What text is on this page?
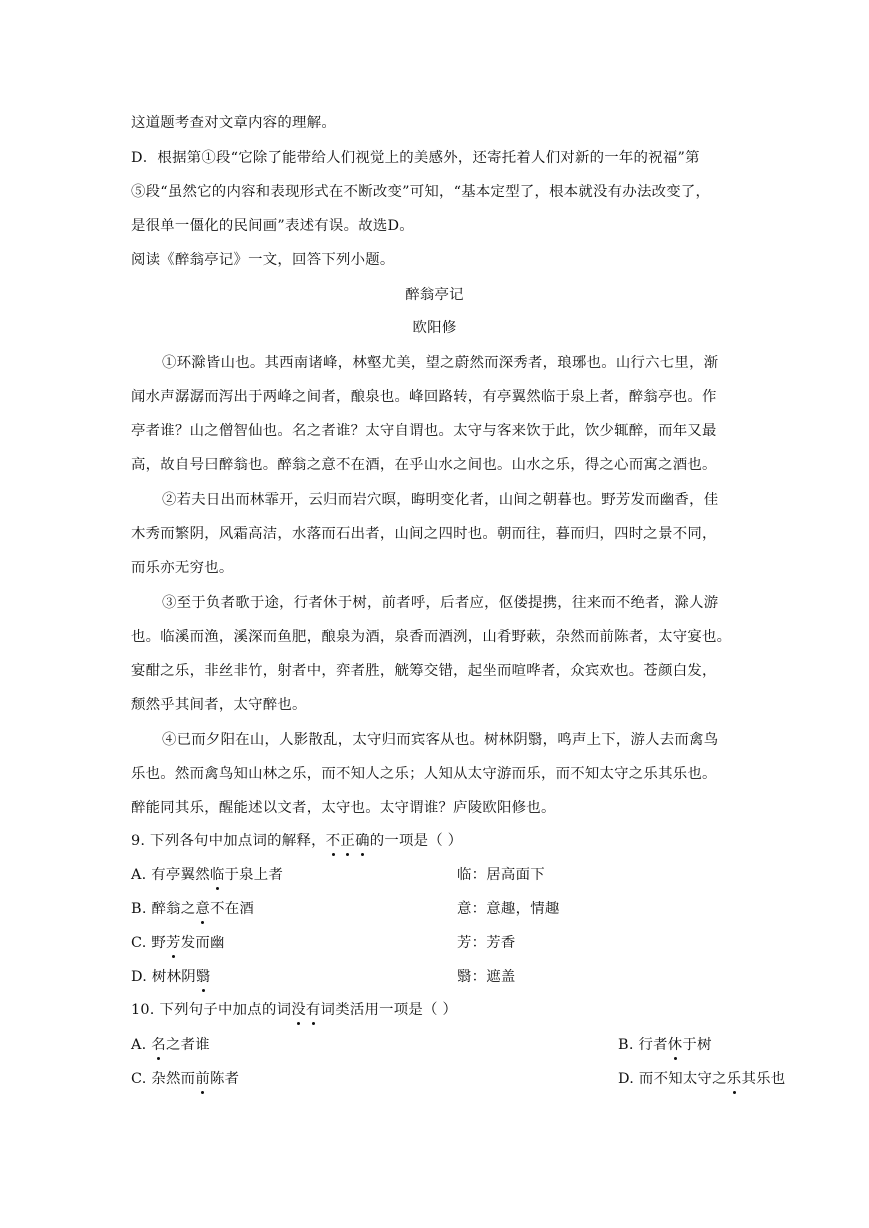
这道题考查对文章内容的理解。
D．根据第①段“它除了能带给人们视觉上的美感外，还寄托着人们对新的一年的祝福”第
⑤段“虽然它的内容和表现形式在不断改变”可知，“基本定型了，根本就没有办法改变了，
是很单一僵化的民间画”表述有误。故选D。
阅读《醉翁亭记》一文，回答下列小题。
醉翁亭记
欧阳修
①环滁皆山也。其西南诸峰，林壑尤美，望之蔚然而深秀者，琅琊也。山行六七里，渐
闻水声潺潺而泻出于两峰之间者，酿泉也。峰回路转，有亭翼然临于泉上者，醉翁亭也。作
亭者谁？山之僧智仙也。名之者谁？太守自谓也。太守与客来饮于此，饮少辄醉，而年又最
高，故自号曰醉翁也。醉翁之意不在酒，在乎山水之间也。山水之乐，得之心而寓之酒也。
②若夫日出而林霏开，云归而岩穴暝，晦明变化者，山间之朝暮也。野芳发而幽香，佳
木秀而繁阴，风霜高洁，水落而石出者，山间之四时也。朝而往，暮而归，四时之景不同，
而乐亦无穷也。
③至于负者歌于途，行者休于树，前者呼，后者应，伛偻提携，往来而不绝者，滁人游
也。临溪而渔，溪深而鱼肥，酿泉为酒，泉香而酒洌，山肴野蔌，杂然而前陈者，太守宴也。
宴酣之乐，非丝非竹，射者中，弈者胜，觥筹交错，起坐而喧哗者，众宾欢也。苍颜白发，
颓然乎其间者，太守醉也。
④已而夕阳在山，人影散乱，太守归而宾客从也。树林阴翳，鸣声上下，游人去而禽鸟
乐也。然而禽鸟知山林之乐，而不知人之乐；人知从太守游而乐，而不知太守之乐其乐也。
醉能同其乐，醒能述以文者，太守也。太守谓谁？庐陵欧阳修也。
9. 下列各句中加点词的解释，不正确的一项是（ ）
A. 有亭翼然临于泉上者	临：居高面下
B. 醉翁之意不在酒	意：意趣，情趣
C. 野芳发而幽	芳：芳香
D. 树林阴翳	翳：遮盖
10. 下列句子中加点的词没有词类活用一项是（ ）
A. 名之者谁	B. 行者休于树
C. 杂然而前陈者	D. 而不知太守之乐其乐也
